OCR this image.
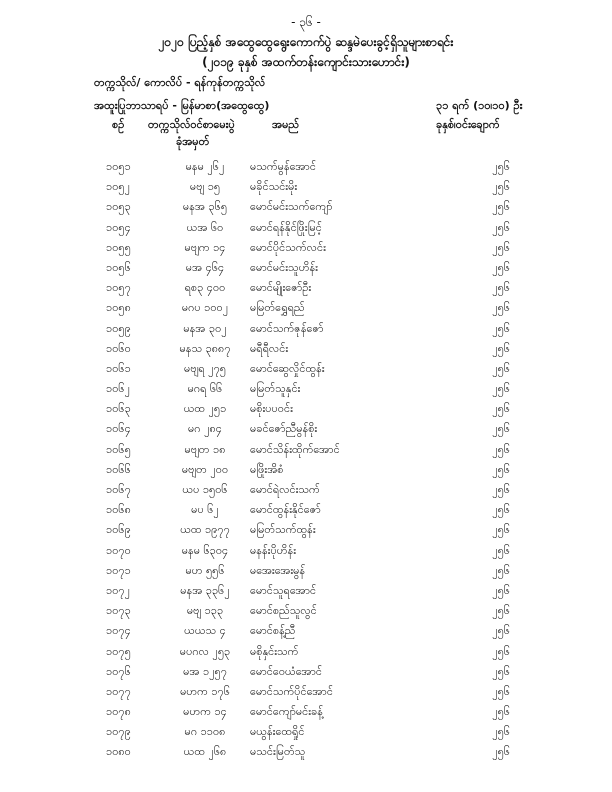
- ၃၆ -
၂၀၂၀ ပြည့်နှစ် အထွေထွေရွေးကောက်ပွဲ ဆန္ဒမဲပေးခွင့်ရှိသူများစာရင်း
(၂၀၁၉ ခုနှစ် အထက်တန်းကျောင်းသားဟောင်း)
တက္ကသိုလ်/ ကောလိပ် - ရန်ကုန်တက္ကသိုလ်
အထူးပြုဘာသာရပ် - မြန်မာစာ(အထွေထွေ)	၃၁ ရက် (၁၀၊၁၀) ဦး
စဉ် တက္ကသိုလ်ဝင်စာမေးပွဲ	အမည်	ခုနှစ်၊ဝင်းချောက်
ခုံအမှတ်
၁၀၅၁	မနမ ၂၆၂	မသက်မွန်အောင်	၂၅၆
၁၀၅၂	မဗျ ၁၅	မခိုင်သင်းမိုး	၂၅၆
၁၀၅၃	မနအ ၃၆၅	မောင်မင်းသက်ကျော်	၂၅၆
၁၀၅၄	ယအ ၆၀	မောင်ရန်နိုင်ဖြိုးမြင့်	၂၅၆
၁၀၅၅	မဗျက ၁၄	မောင်ပိုင်သက်လင်း	၂၅၆
၁၀၅၆	မအ ၄၆၄	မောင်မင်းသူဟိန်း	၂၅၆
၁၀၅၇	ရစ၃ ၄၀၀	မောင်မျိုးဇော်ဦး	၂၅၆
၁၀၅၈	မဂပ ၁၀၀၂	မမြတ်ရွှေရည်	၂၅၆
၁၀၅၉	မနအ ၃၀၂	မောင်သက်ဇုန်ဇော်	၂၅၆
၁၀၆၀	မနသ ၃၈၈၇	မရီရီလင်း	၂၅၆
၁၀၆၁	မဗျရ ၂၇၅	မောင်ဆွေလှိုင်ထွန်း	၂၅၆
၁၀၆၂	မဂရ ၆၆	မမြတ်သူနှင်း	၂၅၆
၁၀၆၃	ယထ ၂၅၁	မစိုးပပဝင်း	၂၅၆
၁၀၆၄	မဂ ၂၈၄	မခင်ဇော်ညီမွန်စိုး	၂၅၆
၁၀၆၅	မဗျတ ၁၈	မောင်သိန်းထိုက်အောင်	၂၅၆
၁၀၆၆	မဗျတ ၂၀၀	မဖြိုးအိစံ	၂၅၆
၁၀၆၇	ယပ ၁၅၀၆	မောင်ရဲလင်းသက်	၂၅၆
၁၀၆၈	မပ ၆၂	မောင်ထွန်းနိုင်ဇော်	၂၅၆
၁၀၆၉	ယထ ၁၉၇၇	မမြတ်သက်ထွန်း	၂၅၆
၁၀၇၀	မနမ ၆၃၀၄	မနန်းပိုဟိန်း	၂၅၆
၁၀၇၁	မဟ ၅၅၆	မအေးအေးမွန်	၂၅၆
၁၀၇၂	မနအ ၃၃၆၂	မောင်သူရအောင်	၂၅၆
၁၀၇၃	မဗျ ၁၃၃	မောင်စည်သူလွင်	၂၅၆
၁၀၇၄	ယယသ ၄	မောင်စန့်ညီ	၂၅၆
၁၀၇၅	မပဂလ ၂၅၃	မစိုနှင်းသက်	၂၅၆
၁၀၇၆	မအ ၁၂၅၇	မောင်ဝေယံအောင်	၂၅၆
၁၀၇၇	မဟက ၁၇၆	မောင်သက်ပိုင်အောင်	၂၅၆
၁၀၇၈	မဟက ၁၄	မောင်ကျော်မင်းခန့်	၂၅၆
၁၀၇၉	မဂ ၁၁၀၈	မယွန်းထေရှိုင်	၂၅၆
၁၀၈၀	ယထ ၂၆၈	မသင်းမြတ်သူ	၂၅၆
